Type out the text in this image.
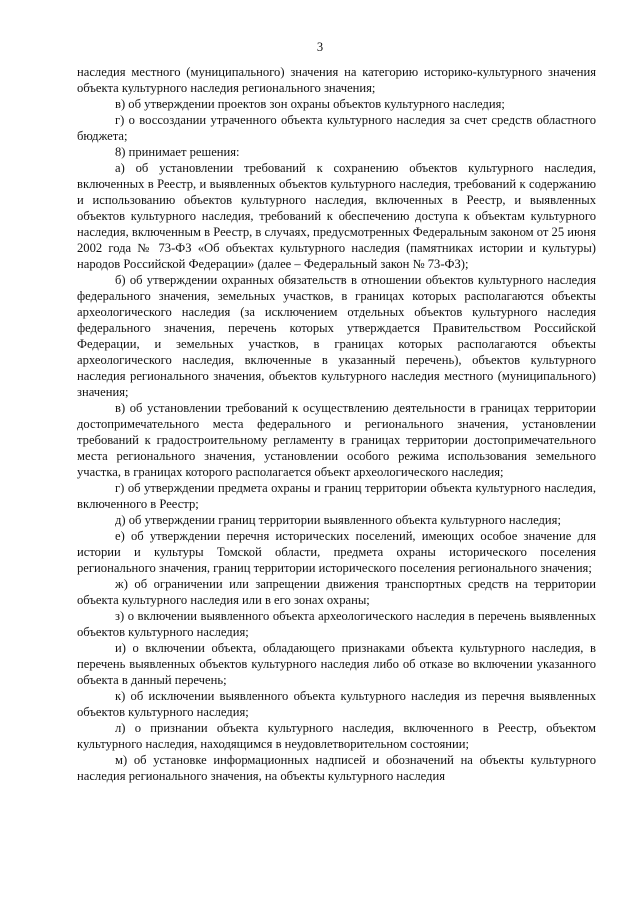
3

наследия местного (муниципального) значения на категорию историко-культурного значения объекта культурного наследия регионального значения;

в) об утверждении проектов зон охраны объектов культурного наследия;

г) о воссоздании утраченного объекта культурного наследия за счет средств областного бюджета;

8) принимает решения:

а) об установлении требований к сохранению объектов культурного наследия, включенных в Реестр, и выявленных объектов культурного наследия, требований к содержанию и использованию объектов культурного наследия, включенных в Реестр, и выявленных объектов культурного наследия, требований к обеспечению доступа к объектам культурного наследия, включенным в Реестр, в случаях, предусмотренных Федеральным законом от 25 июня 2002 года № 73-ФЗ «Об объектах культурного наследия (памятниках истории и культуры) народов Российской Федерации» (далее – Федеральный закон № 73-ФЗ);

б) об утверждении охранных обязательств в отношении объектов культурного наследия федерального значения, земельных участков, в границах которых располагаются объекты археологического наследия (за исключением отдельных объектов культурного наследия федерального значения, перечень которых утверждается Правительством Российской Федерации, и земельных участков, в границах которых располагаются объекты археологического наследия, включенные в указанный перечень), объектов культурного наследия регионального значения, объектов культурного наследия местного (муниципального) значения;

в) об установлении требований к осуществлению деятельности в границах территории достопримечательного места федерального и регионального значения, установлении требований к градостроительному регламенту в границах территории достопримечательного места регионального значения, установлении особого режима использования земельного участка, в границах которого располагается объект археологического наследия;

г) об утверждении предмета охраны и границ территории объекта культурного наследия, включенного в Реестр;

д) об утверждении границ территории выявленного объекта культурного наследия;

е) об утверждении перечня исторических поселений, имеющих особое значение для истории и культуры Томской области, предмета охраны исторического поселения регионального значения, границ территории исторического поселения регионального значения;

ж) об ограничении или запрещении движения транспортных средств на территории объекта культурного наследия или в его зонах охраны;

з) о включении выявленного объекта археологического наследия в перечень выявленных объектов культурного наследия;

и) о включении объекта, обладающего признаками объекта культурного наследия, в перечень выявленных объектов культурного наследия либо об отказе во включении указанного объекта в данный перечень;

к) об исключении выявленного объекта культурного наследия из перечня выявленных объектов культурного наследия;

л) о признании объекта культурного наследия, включенного в Реестр, объектом культурного наследия, находящимся в неудовлетворительном состоянии;

м) об установке информационных надписей и обозначений на объекты культурного наследия регионального значения, на объекты культурного наследия
